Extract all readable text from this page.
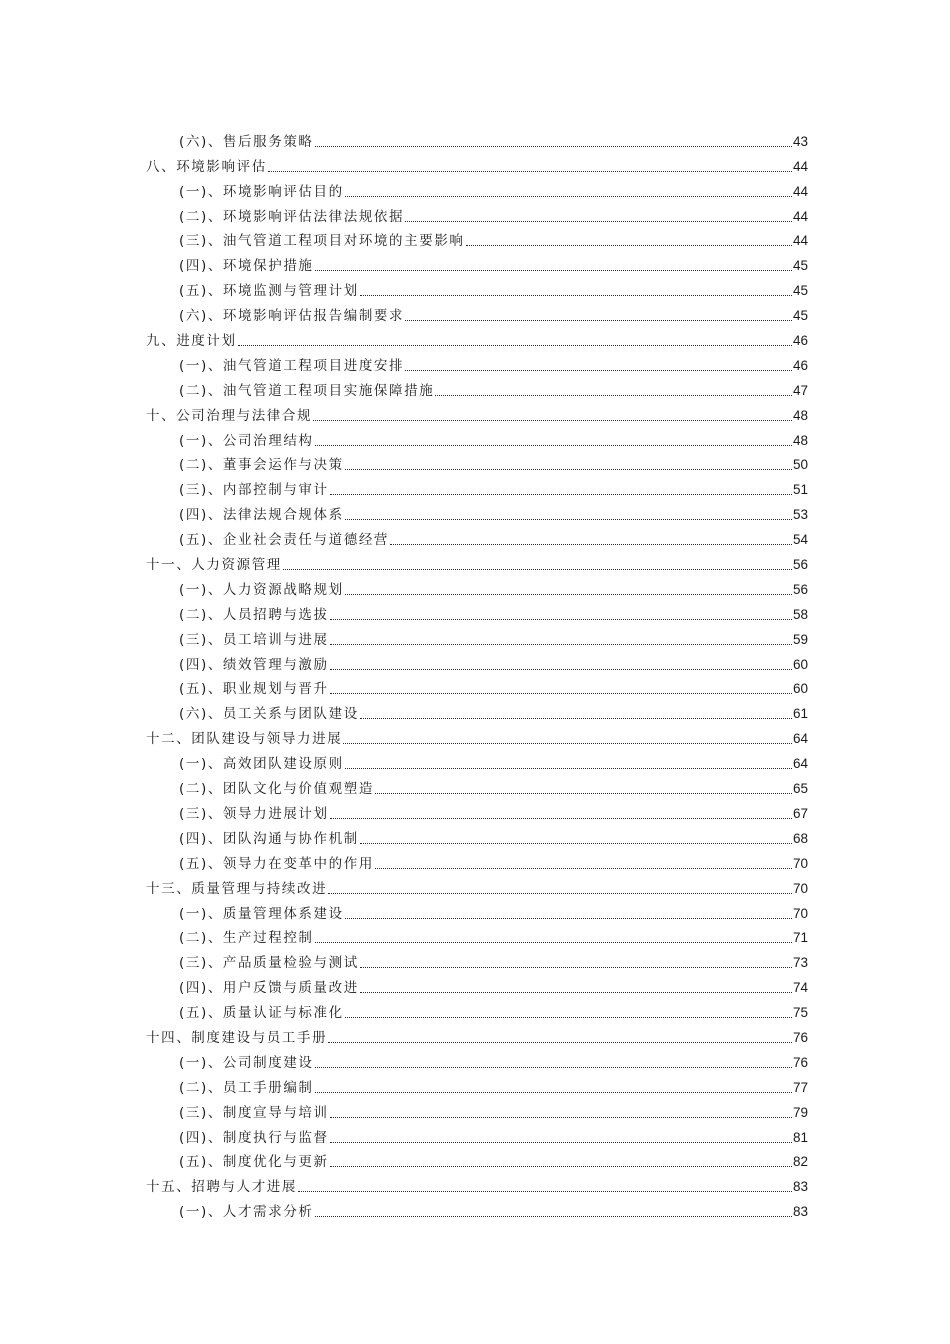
(六)、售后服务策略	43
八、环境影响评估	44
(一)、环境影响评估目的	44
(二)、环境影响评估法律法规依据	44
(三)、油气管道工程项目对环境的主要影响	44
(四)、环境保护措施	45
(五)、环境监测与管理计划	45
(六)、环境影响评估报告编制要求	45
九、进度计划	46
(一)、油气管道工程项目进度安排	46
(二)、油气管道工程项目实施保障措施	47
十、公司治理与法律合规	48
(一)、公司治理结构	48
(二)、董事会运作与决策	50
(三)、内部控制与审计	51
(四)、法律法规合规体系	53
(五)、企业社会责任与道德经营	54
十一、人力资源管理	56
(一)、人力资源战略规划	56
(二)、人员招聘与选拔	58
(三)、员工培训与进展	59
(四)、绩效管理与激励	60
(五)、职业规划与晋升	60
(六)、员工关系与团队建设	61
十二、团队建设与领导力进展	64
(一)、高效团队建设原则	64
(二)、团队文化与价值观塑造	65
(三)、领导力进展计划	67
(四)、团队沟通与协作机制	68
(五)、领导力在变革中的作用	70
十三、质量管理与持续改进	70
(一)、质量管理体系建设	70
(二)、生产过程控制	71
(三)、产品质量检验与测试	73
(四)、用户反馈与质量改进	74
(五)、质量认证与标准化	75
十四、制度建设与员工手册	76
(一)、公司制度建设	76
(二)、员工手册编制	77
(三)、制度宣导与培训	79
(四)、制度执行与监督	81
(五)、制度优化与更新	82
十五、招聘与人才进展	83
(一)、人才需求分析	83
